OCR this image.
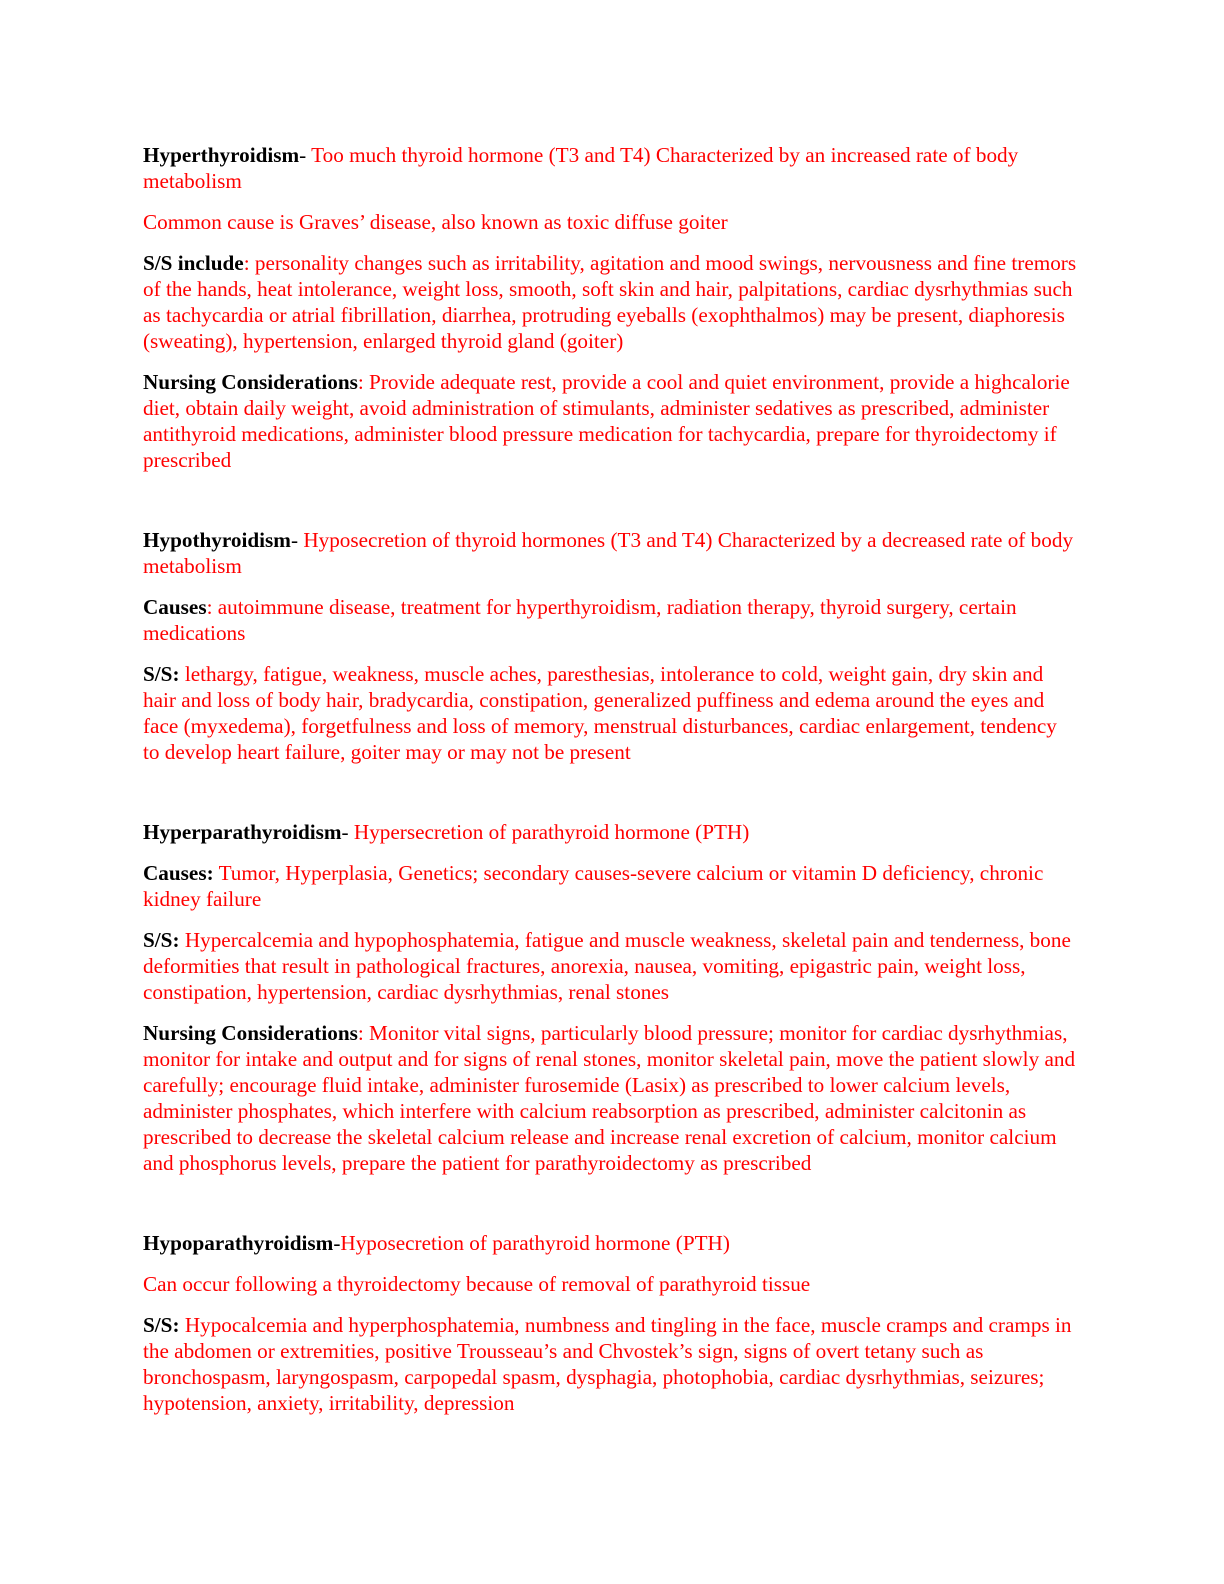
Hyperthyroidism- Too much thyroid hormone (T3 and T4) Characterized by an increased rate of body metabolism

Common cause is Graves’ disease, also known as toxic diffuse goiter

S/S include: personality changes such as irritability, agitation and mood swings, nervousness and fine tremors of the hands, heat intolerance, weight loss, smooth, soft skin and hair, palpitations, cardiac dysrhythmias such as tachycardia or atrial fibrillation, diarrhea, protruding eyeballs (exophthalmos) may be present, diaphoresis (sweating), hypertension, enlarged thyroid gland (goiter)

Nursing Considerations: Provide adequate rest, provide a cool and quiet environment, provide a highcalorie diet, obtain daily weight, avoid administration of stimulants, administer sedatives as prescribed, administer antithyroid medications, administer blood pressure medication for tachycardia, prepare for thyroidectomy if prescribed

Hypothyroidism- Hyposecretion of thyroid hormones (T3 and T4) Characterized by a decreased rate of body metabolism

Causes: autoimmune disease, treatment for hyperthyroidism, radiation therapy, thyroid surgery, certain medications

S/S: lethargy, fatigue, weakness, muscle aches, paresthesias, intolerance to cold, weight gain, dry skin and hair and loss of body hair, bradycardia, constipation, generalized puffiness and edema around the eyes and face (myxedema), forgetfulness and loss of memory, menstrual disturbances, cardiac enlargement, tendency to develop heart failure, goiter may or may not be present

Hyperparathyroidism- Hypersecretion of parathyroid hormone (PTH)

Causes: Tumor, Hyperplasia, Genetics; secondary causes-severe calcium or vitamin D deficiency, chronic kidney failure

S/S: Hypercalcemia and hypophosphatemia, fatigue and muscle weakness, skeletal pain and tenderness, bone deformities that result in pathological fractures, anorexia, nausea, vomiting, epigastric pain, weight loss, constipation, hypertension, cardiac dysrhythmias, renal stones

Nursing Considerations: Monitor vital signs, particularly blood pressure; monitor for cardiac dysrhythmias, monitor for intake and output and for signs of renal stones, monitor skeletal pain, move the patient slowly and carefully; encourage fluid intake, administer furosemide (Lasix) as prescribed to lower calcium levels, administer phosphates, which interfere with calcium reabsorption as prescribed, administer calcitonin as prescribed to decrease the skeletal calcium release and increase renal excretion of calcium, monitor calcium and phosphorus levels, prepare the patient for parathyroidectomy as prescribed

Hypoparathyroidism-Hyposecretion of parathyroid hormone (PTH)

Can occur following a thyroidectomy because of removal of parathyroid tissue

S/S: Hypocalcemia and hyperphosphatemia, numbness and tingling in the face, muscle cramps and cramps in the abdomen or extremities, positive Trousseau’s and Chvostek’s sign, signs of overt tetany such as bronchospasm, laryngospasm, carpopedal spasm, dysphagia, photophobia, cardiac dysrhythmias, seizures; hypotension, anxiety, irritability, depression
